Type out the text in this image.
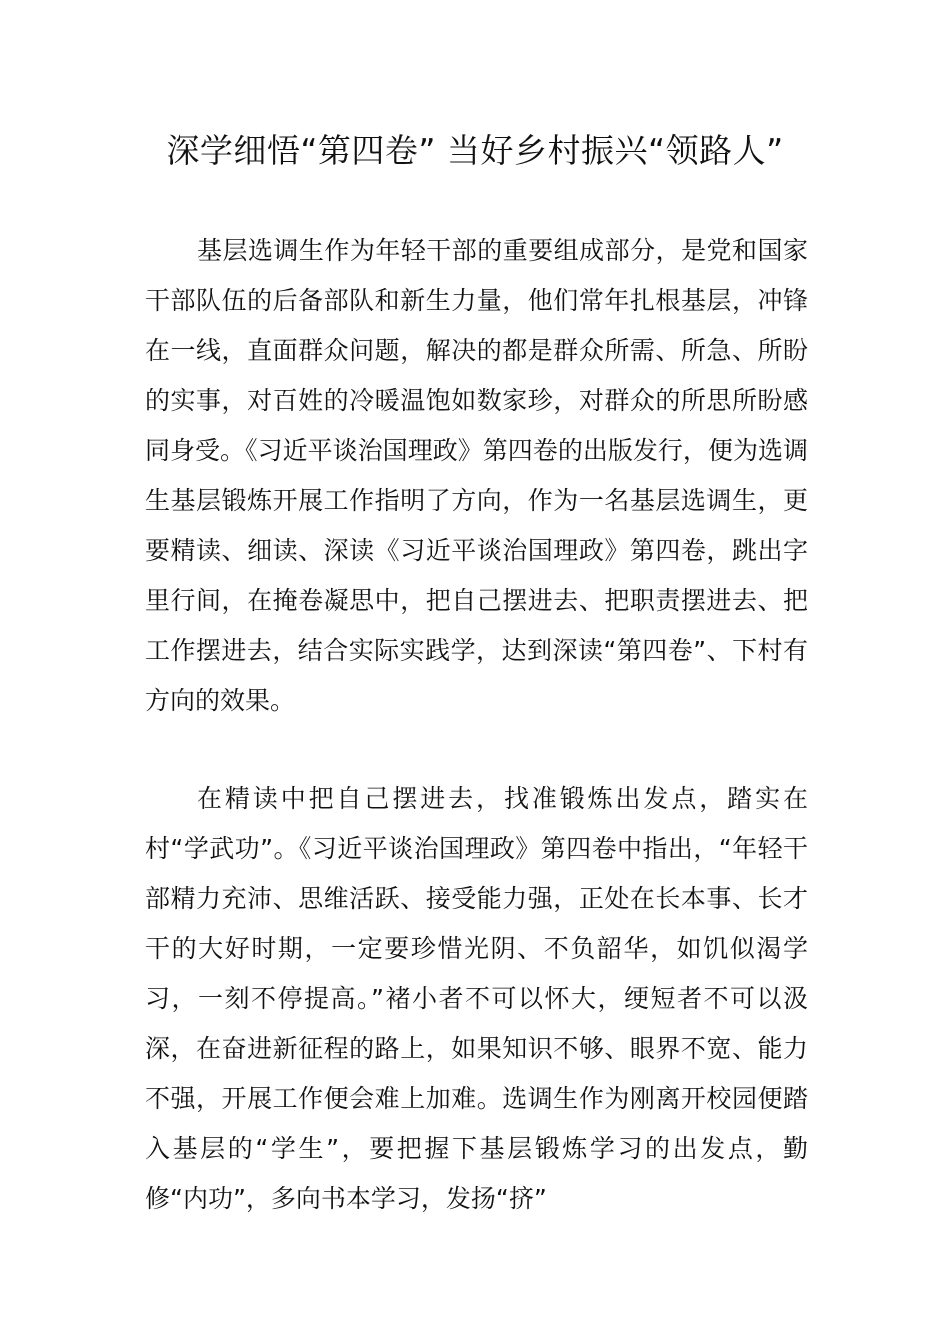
深学细悟“第四卷” 当好乡村振兴“领路人”

基层选调生作为年轻干部的重要组成部分，是党和国家干部队伍的后备部队和新生力量，他们常年扎根基层，冲锋在一线，直面群众问题，解决的都是群众所需、所急、所盼的实事，对百姓的冷暖温饱如数家珍，对群众的所思所盼感同身受。《习近平谈治国理政》第四卷的出版发行，便为选调生基层锻炼开展工作指明了方向，作为一名基层选调生，更要精读、细读、深读《习近平谈治国理政》第四卷，跳出字里行间，在掩卷凝思中，把自己摆进去、把职责摆进去、把工作摆进去，结合实际实践学，达到深读“第四卷”、下村有方向的效果。

在精读中把自己摆进去，找准锻炼出发点，踏实在村“学武功”。《习近平谈治国理政》第四卷中指出，“年轻干部精力充沛、思维活跃、接受能力强，正处在长本事、长才干的大好时期，一定要珍惜光阴、不负韶华，如饥似渴学习，一刻不停提高。”褚小者不可以怀大，绠短者不可以汲深，在奋进新征程的路上，如果知识不够、眼界不宽、能力不强，开展工作便会难上加难。选调生作为刚离开校园便踏入基层的“学生”，要把握下基层锻炼学习的出发点，勤修“内功”，多向书本学习，发扬“挤”
